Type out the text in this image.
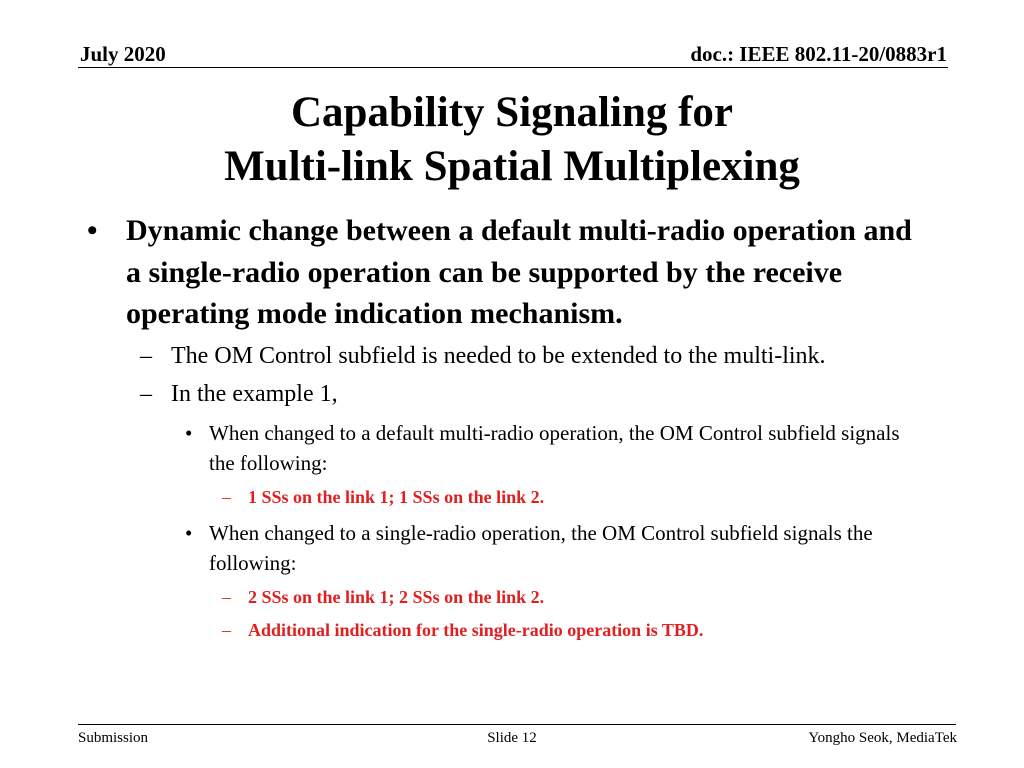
July 2020	doc.: IEEE 802.11-20/0883r1
Capability Signaling for
Multi-link Spatial Multiplexing
• Dynamic change between a default multi-radio operation and a single-radio operation can be supported by the receive operating mode indication mechanism.
– The OM Control subfield is needed to be extended to the multi-link.
– In the example 1,
• When changed to a default multi-radio operation, the OM Control subfield signals the following:
– 1 SSs on the link 1; 1 SSs on the link 2.
• When changed to a single-radio operation, the OM Control subfield signals the following:
– 2 SSs on the link 1; 2 SSs on the link 2.
– Additional indication for the single-radio operation is TBD.
Submission	Slide 12	Yongho Seok, MediaTek
